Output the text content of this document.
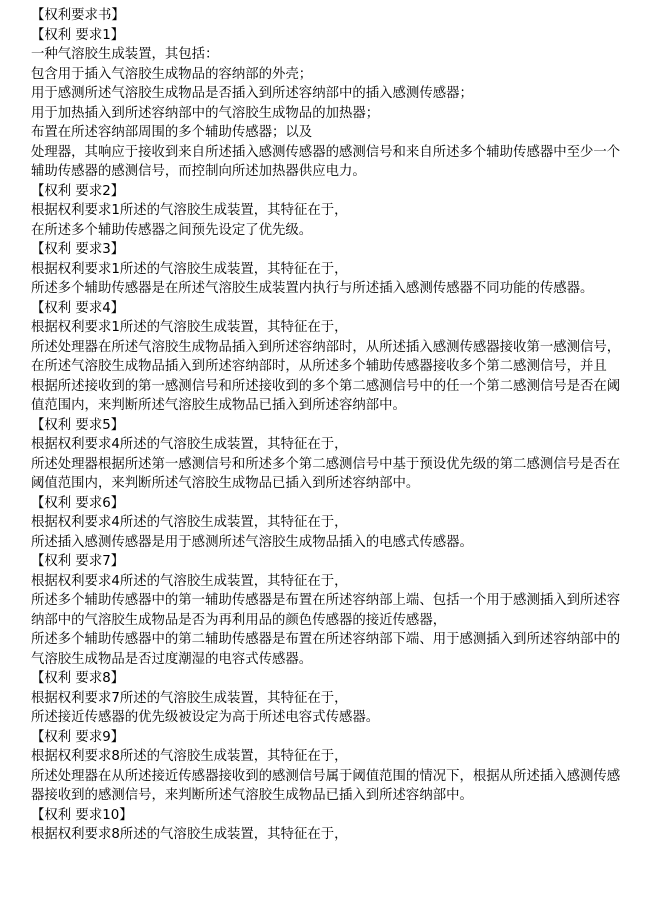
【权利要求书】
【权利 要求1】
一种气溶胶生成装置，其包括：
包含用于插入气溶胶生成物品的容纳部的外壳；
用于感测所述气溶胶生成物品是否插入到所述容纳部中的插入感测传感器；
用于加热插入到所述容纳部中的气溶胶生成物品的加热器；
布置在所述容纳部周围的多个辅助传感器；以及
处理器，其响应于接收到来自所述插入感测传感器的感测信号和来自所述多个辅助传感器中至少一个辅助传感器的感测信号，而控制向所述加热器供应电力。
【权利 要求2】
根据权利要求1所述的气溶胶生成装置，其特征在于，
在所述多个辅助传感器之间预先设定了优先级。
【权利 要求3】
根据权利要求1所述的气溶胶生成装置，其特征在于，
所述多个辅助传感器是在所述气溶胶生成装置内执行与所述插入感测传感器不同功能的传感器。
【权利 要求4】
根据权利要求1所述的气溶胶生成装置，其特征在于，
所述处理器在所述气溶胶生成物品插入到所述容纳部时，从所述插入感测传感器接收第一感测信号，
在所述气溶胶生成物品插入到所述容纳部时，从所述多个辅助传感器接收多个第二感测信号，并且
根据所述接收到的第一感测信号和所述接收到的多个第二感测信号中的任一个第二感测信号是否在阈值范围内，来判断所述气溶胶生成物品已插入到所述容纳部中。
【权利 要求5】
根据权利要求4所述的气溶胶生成装置，其特征在于，
所述处理器根据所述第一感测信号和所述多个第二感测信号中基于预设优先级的第二感测信号是否在阈值范围内，来判断所述气溶胶生成物品已插入到所述容纳部中。
【权利 要求6】
根据权利要求4所述的气溶胶生成装置，其特征在于，
所述插入感测传感器是用于感测所述气溶胶生成物品插入的电感式传感器。
【权利 要求7】
根据权利要求4所述的气溶胶生成装置，其特征在于，
所述多个辅助传感器中的第一辅助传感器是布置在所述容纳部上端、包括一个用于感测插入到所述容纳部中的气溶胶生成物品是否为再利用品的颜色传感器的接近传感器，
所述多个辅助传感器中的第二辅助传感器是布置在所述容纳部下端、用于感测插入到所述容纳部中的气溶胶生成物品是否过度潮湿的电容式传感器。
【权利 要求8】
根据权利要求7所述的气溶胶生成装置，其特征在于，
所述接近传感器的优先级被设定为高于所述电容式传感器。
【权利 要求9】
根据权利要求8所述的气溶胶生成装置，其特征在于，
所述处理器在从所述接近传感器接收到的感测信号属于阈值范围的情况下，根据从所述插入感测传感器接收到的感测信号，来判断所述气溶胶生成物品已插入到所述容纳部中。
【权利 要求10】
根据权利要求8所述的气溶胶生成装置，其特征在于，
